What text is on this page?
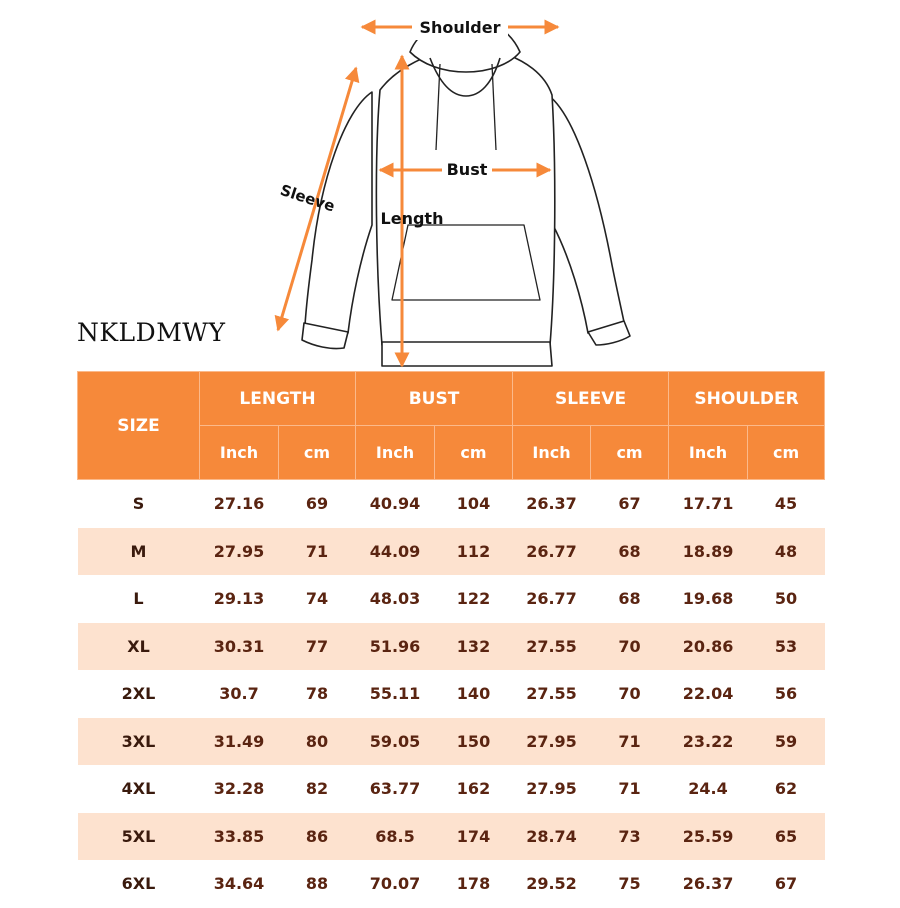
Shoulder
Bust
Length
Sleeve
NKLDMWY
SIZE	LENGTH		BUST		SLEEVE		SHOULDER	
	Inch	cm	Inch	cm	Inch	cm	Inch	cm
S	27.16	69	40.94	104	26.37	67	17.71	45
M	27.95	71	44.09	112	26.77	68	18.89	48
L	29.13	74	48.03	122	26.77	68	19.68	50
XL	30.31	77	51.96	132	27.55	70	20.86	53
2XL	30.7	78	55.11	140	27.55	70	22.04	56
3XL	31.49	80	59.05	150	27.95	71	23.22	59
4XL	32.28	82	63.77	162	27.95	71	24.4	62
5XL	33.85	86	68.5	174	28.74	73	25.59	65
6XL	34.64	88	70.07	178	29.52	75	26.37	67
